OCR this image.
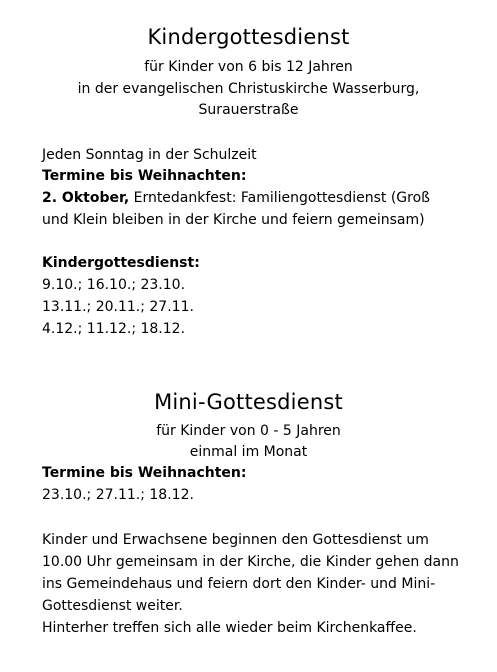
Kindergottesdienst
für Kinder von 6 bis 12 Jahren
in der evangelischen Christuskirche Wasserburg,
Surauerstraße
Jeden Sonntag in der Schulzeit
Termine bis Weihnachten:
2. Oktober, Erntedankfest: Familiengottesdienst (Groß
und Klein bleiben in der Kirche und feiern gemeinsam)
Kindergottesdienst:
9.10.; 16.10.; 23.10.
13.11.; 20.11.; 27.11.
4.12.; 11.12.; 18.12.
Mini-Gottesdienst
für Kinder von 0 - 5 Jahren
einmal im Monat
Termine bis Weihnachten:
23.10.; 27.11.; 18.12.
Kinder und Erwachsene beginnen den Gottesdienst um
10.00 Uhr gemeinsam in der Kirche, die Kinder gehen dann
ins Gemeindehaus und feiern dort den Kinder- und Mini-
Gottesdienst weiter.
Hinterher treffen sich alle wieder beim Kirchenkaffee.
